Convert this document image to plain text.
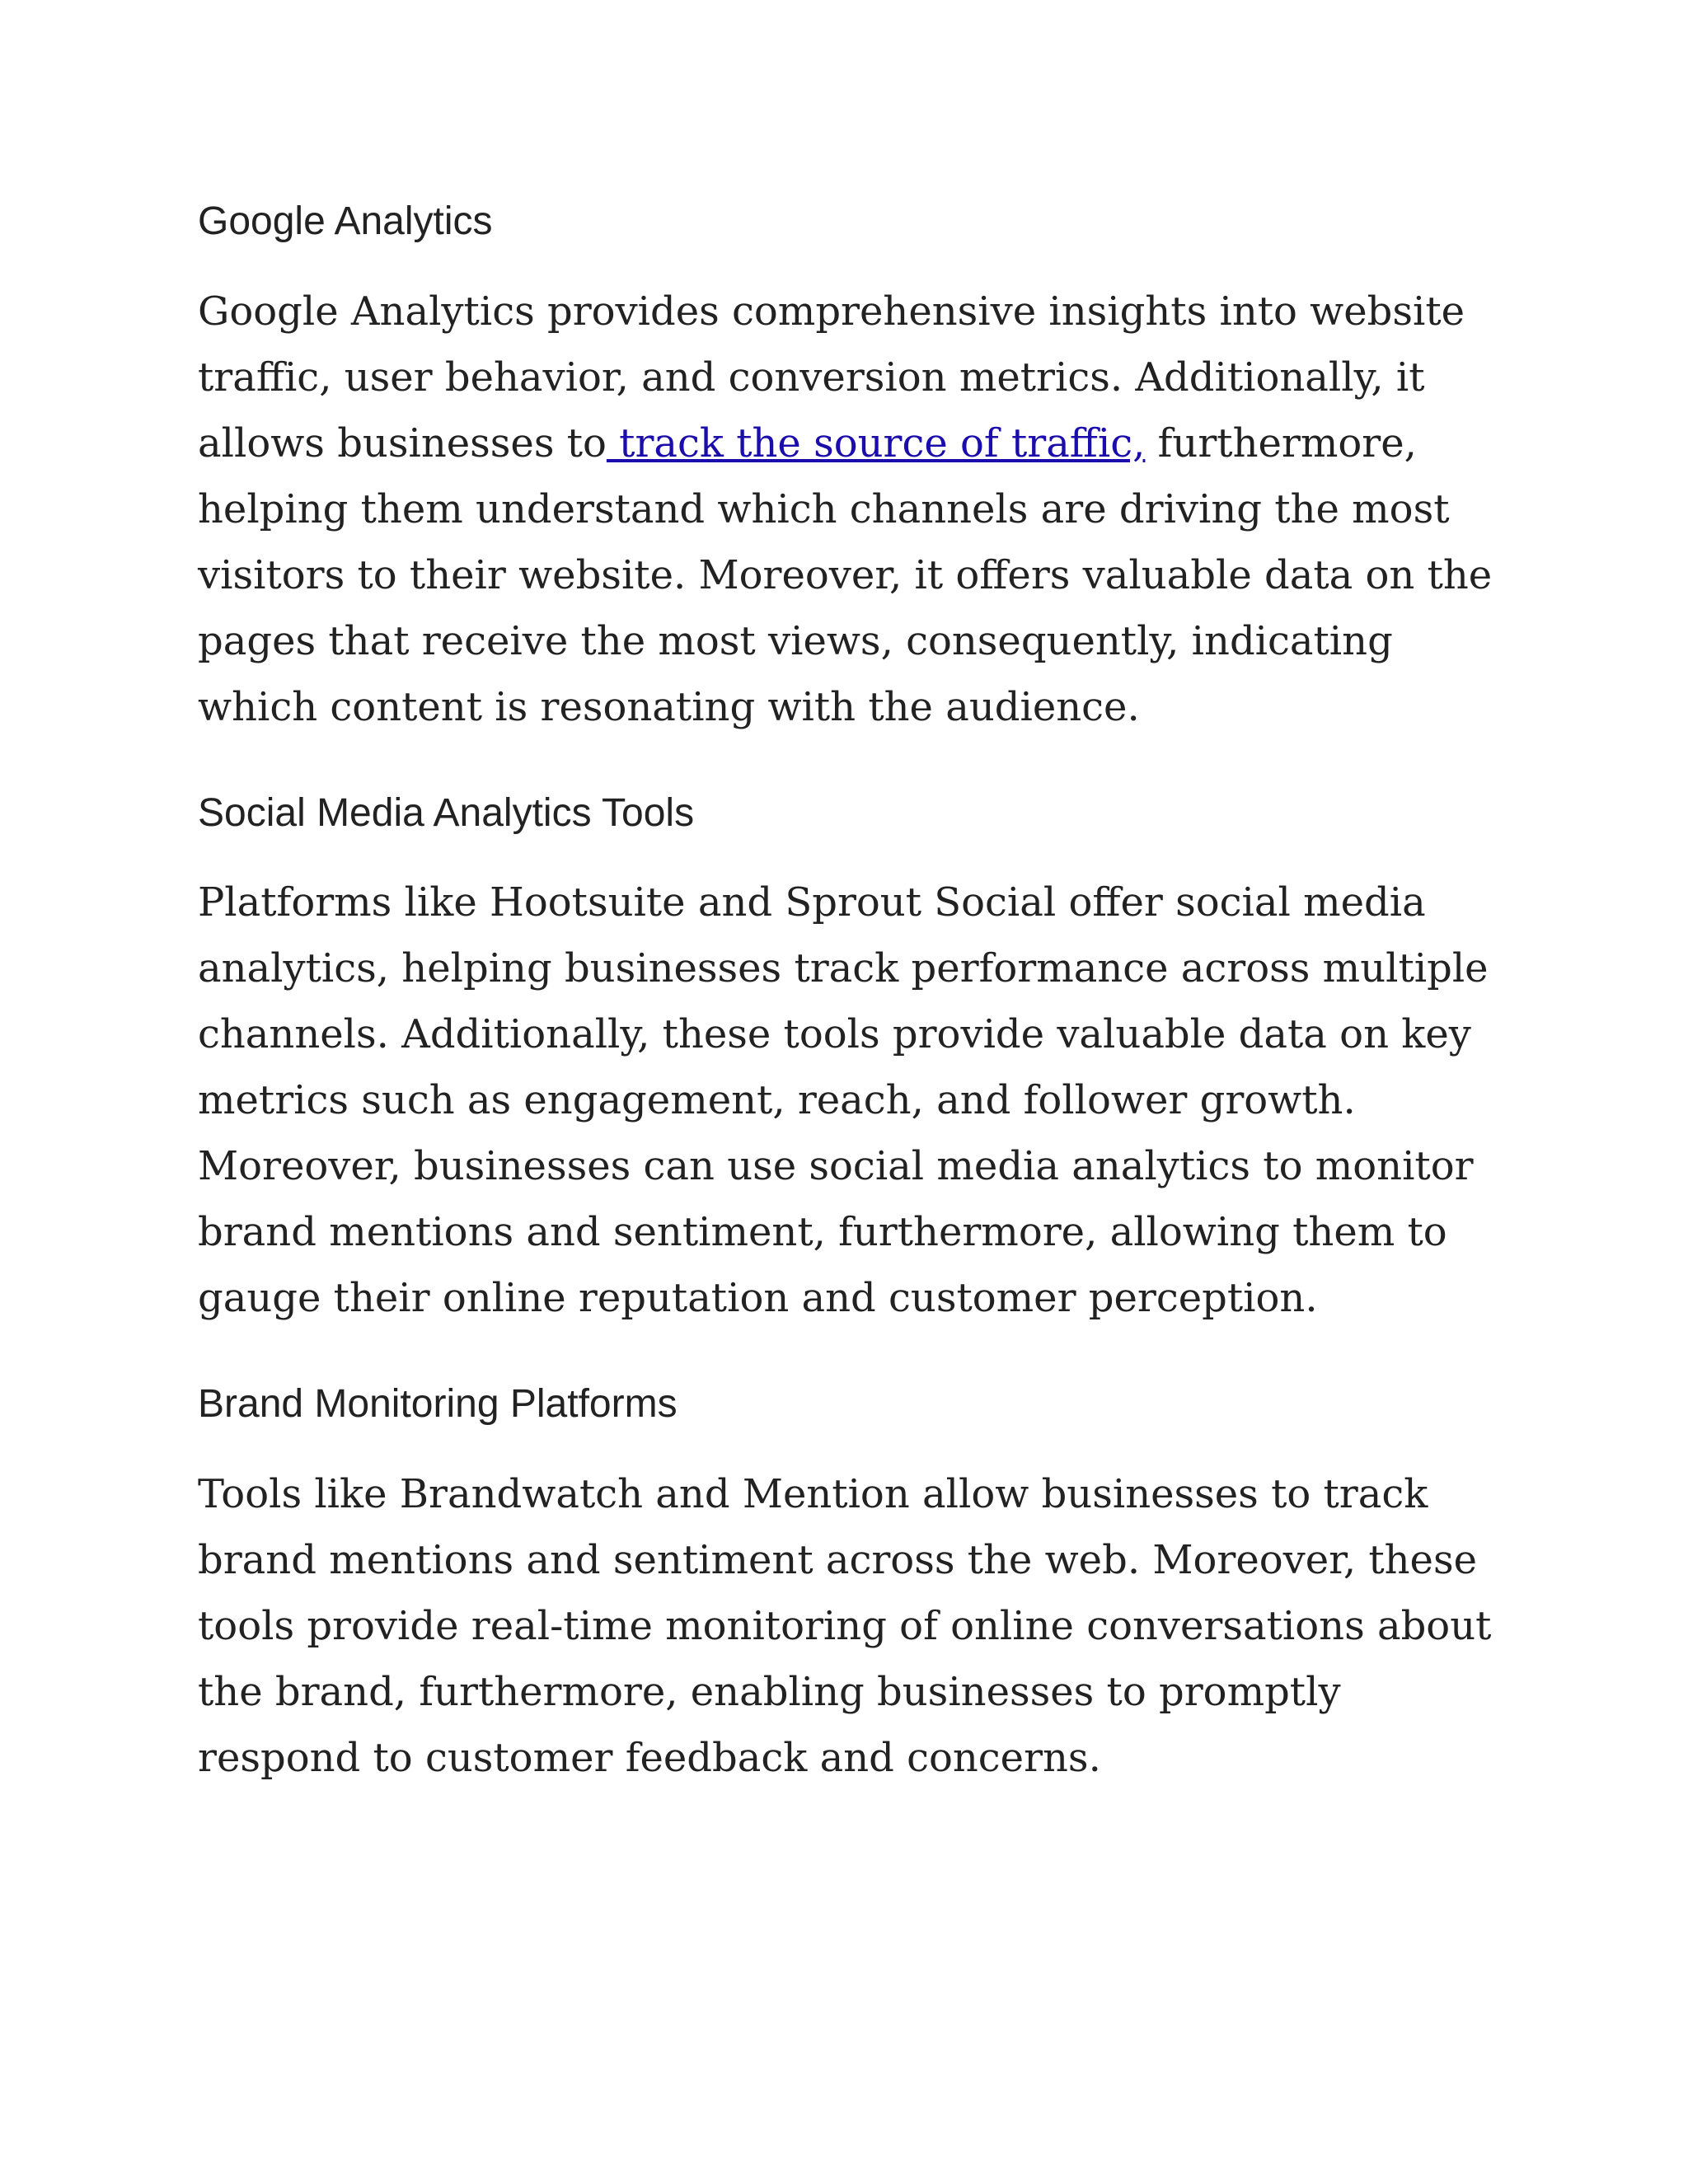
Google Analytics

Google Analytics provides comprehensive insights into website traffic, user behavior, and conversion metrics. Additionally, it allows businesses to track the source of traffic, furthermore, helping them understand which channels are driving the most visitors to their website. Moreover, it offers valuable data on the pages that receive the most views, consequently, indicating which content is resonating with the audience.

Social Media Analytics Tools

Platforms like Hootsuite and Sprout Social offer social media analytics, helping businesses track performance across multiple channels. Additionally, these tools provide valuable data on key metrics such as engagement, reach, and follower growth. Moreover, businesses can use social media analytics to monitor brand mentions and sentiment, furthermore, allowing them to gauge their online reputation and customer perception.

Brand Monitoring Platforms

Tools like Brandwatch and Mention allow businesses to track brand mentions and sentiment across the web. Moreover, these tools provide real-time monitoring of online conversations about the brand, furthermore, enabling businesses to promptly respond to customer feedback and concerns.
